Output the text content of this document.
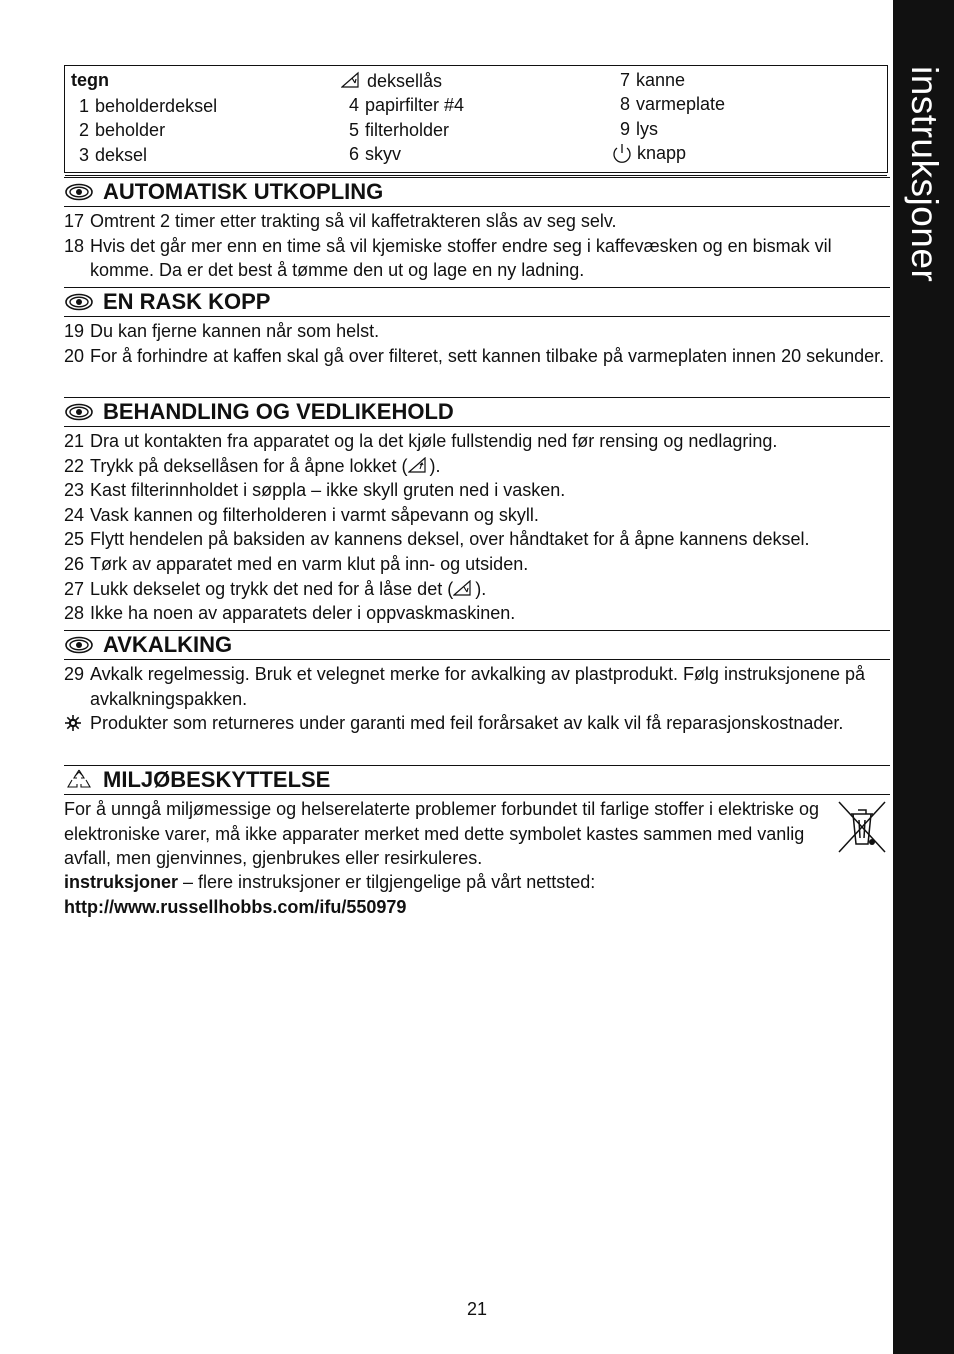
instruksjoner
tegn
1 beholderdeksel
2 beholder
3 deksel
deksellås
4 papirfilter #4
5 filterholder
6 skyv
7 kanne
8 varmeplate
9 lys
knapp
AUTOMATISK UTKOPLING
17 Omtrent 2 timer etter trakting så vil kaffetrakteren slås av seg selv.
18 Hvis det går mer enn en time så vil kjemiske stoffer endre seg i kaffevæsken og en bismak vil komme. Da er det best å tømme den ut og lage en ny ladning.
EN RASK KOPP
19 Du kan fjerne kannen når som helst.
20 For å forhindre at kaffen skal gå over filteret, sett kannen tilbake på varmeplaten innen 20 sekunder.
BEHANDLING OG VEDLIKEHOLD
21 Dra ut kontakten fra apparatet og la det kjøle fullstendig ned før rensing og nedlagring.
22 Trykk på deksellåsen for å åpne lokket ( ).
23 Kast filterinnholdet i søppla – ikke skyll gruten ned i vasken.
24 Vask kannen og filterholderen i varmt såpevann og skyll.
25 Flytt hendelen på baksiden av kannens deksel, over håndtaket for å åpne kannens deksel.
26 Tørk av apparatet med en varm klut på inn- og utsiden.
27 Lukk dekselet og trykk det ned for å låse det ( ).
28 Ikke ha noen av apparatets deler i oppvaskmaskinen.
AVKALKING
29 Avkalk regelmessig. Bruk et velegnet merke for avkalking av plastprodukt. Følg instruksjonene på avkalkningspakken.
Produkter som returneres under garanti med feil forårsaket av kalk vil få reparasjonskostnader.
MILJØBESKYTTELSE
For å unngå miljømessige og helserelaterte problemer forbundet til farlige stoffer i elektriske og elektroniske varer, må ikke apparater merket med dette symbolet kastes sammen med vanlig avfall, men gjenvinnes, gjenbrukes eller resirkuleres.
instruksjoner – flere instruksjoner er tilgjengelige på vårt nettsted:
http://www.russellhobbs.com/ifu/550979
21
